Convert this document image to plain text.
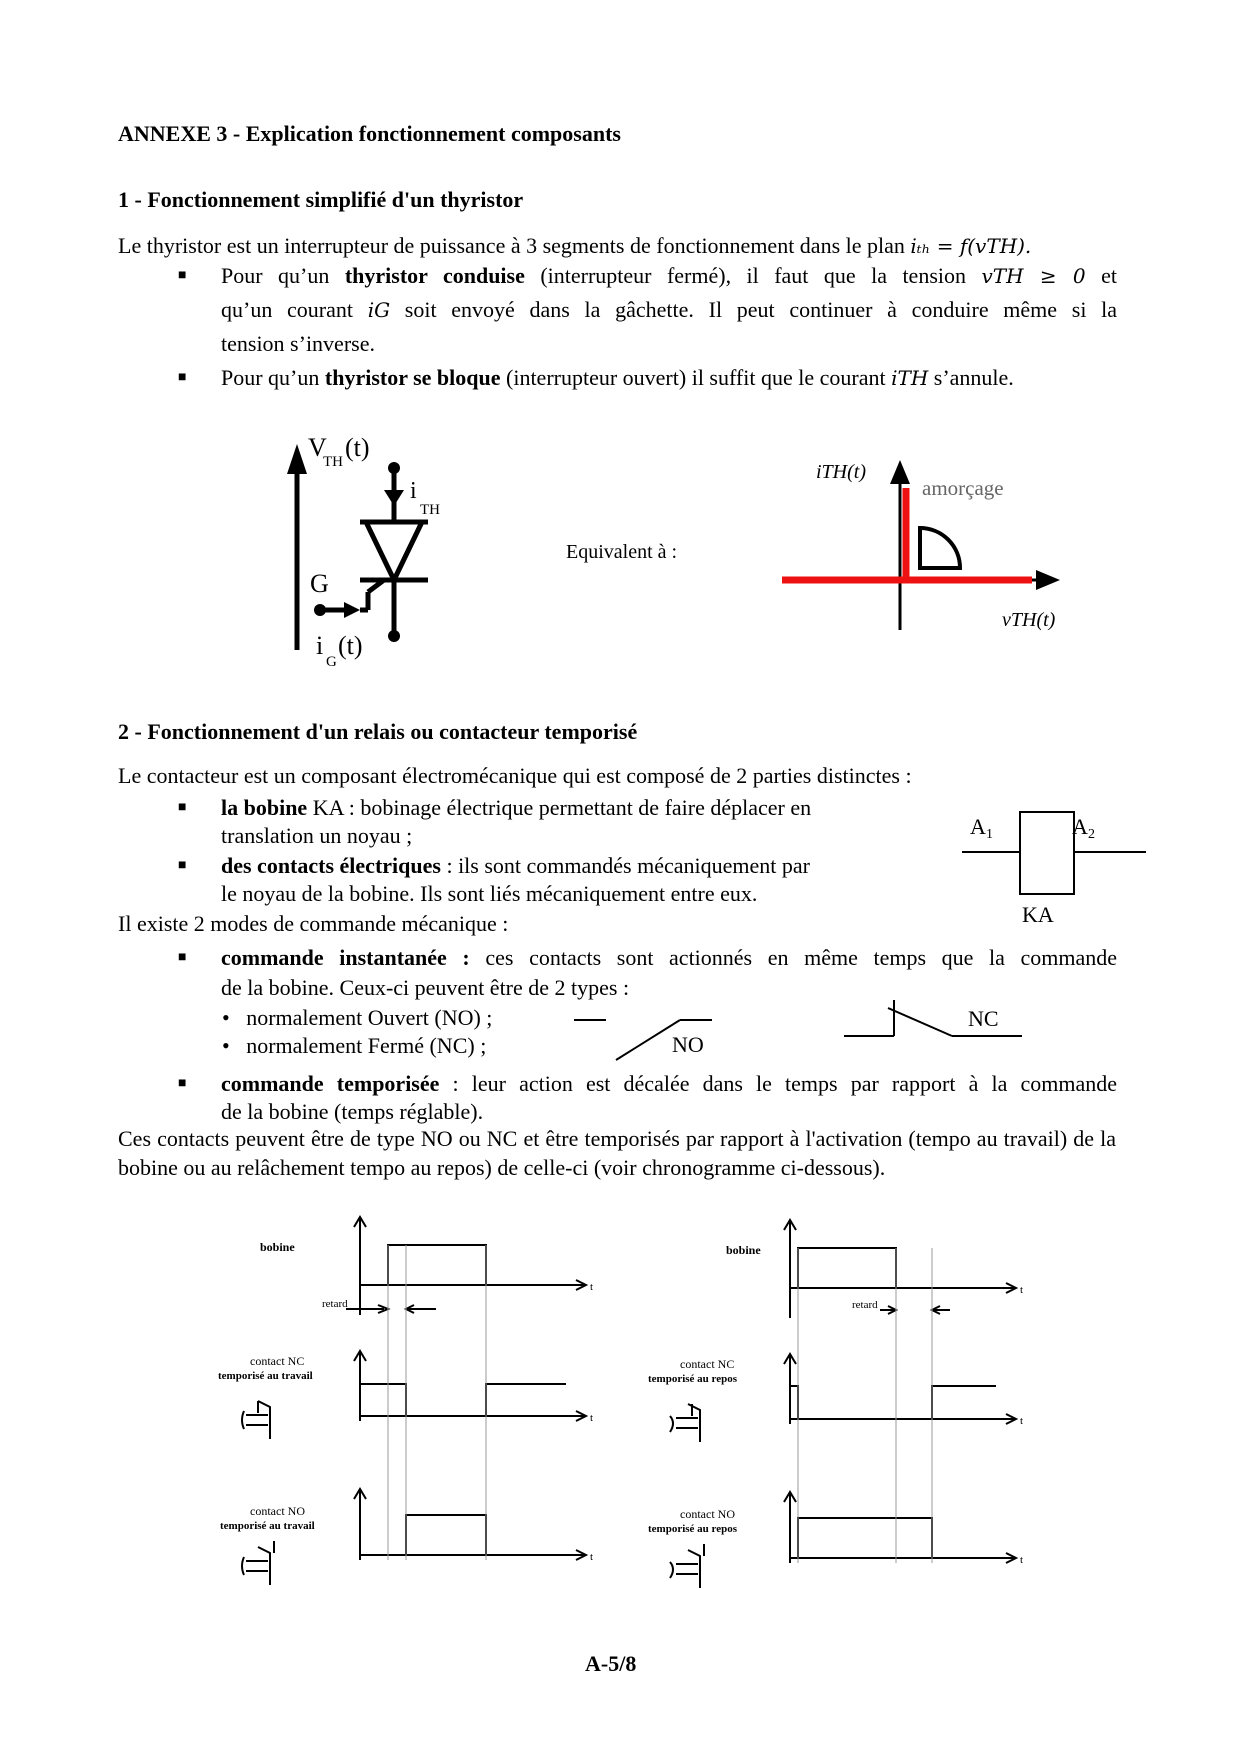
ANNEXE 3 - Explication fonctionnement composants
1 - Fonctionnement simplifié d'un thyristor
Le thyristor est un interrupteur de puissance à 3 segments de fonctionnement dans le plan iₜₕ = f(vTH).
■ Pour qu’un thyristor conduise (interrupteur fermé), il faut que la tension vTH ≥ 0 et
qu’un courant iG soit envoyé dans la gâchette. Il peut continuer à conduire même si la
tension s’inverse.
■ Pour qu’un thyristor se bloque (interrupteur ouvert) il suffit que le courant iTH s’annule.
V
TH (t)
i
TH
G
i
G
(t)
Equivalent à :
amorçage
iTH(t)
vTH(t)
2 - Fonctionnement d'un relais ou contacteur temporisé
Le contacteur est un composant électromécanique qui est composé de 2 parties distinctes :
■ la bobine KA : bobinage électrique permettant de faire déplacer en
translation un noyau ;
■ des contacts électriques : ils sont commandés mécaniquement par
le noyau de la bobine. Ils sont liés mécaniquement entre eux.
A 1	A 2
KA
Il existe 2 modes de commande mécanique :
■ commande instantanée : ces contacts sont actionnés en même temps que la commande
de la bobine. Ceux-ci peuvent être de 2 types :
•   normalement Ouvert (NO) ;
•   normalement Fermé (NC) ;	NO
NC
■ commande temporisée : leur action est décalée dans le temps par rapport à la commande
de la bobine (temps réglable).
Ces contacts peuvent être de type NO ou NC et être temporisés par rapport à l'activation (tempo au travail) de la bobine ou au relâchement tempo au repos) de celle-ci (voir chronogramme ci-dessous).
bobine
t
retard
contact NC
temporisé au travail
t
contact NO
temporisé au travail
t
bobine
t
retard
contact NC
temporisé au repos
t
contact NO
temporisé au repos
t
A-5/8
